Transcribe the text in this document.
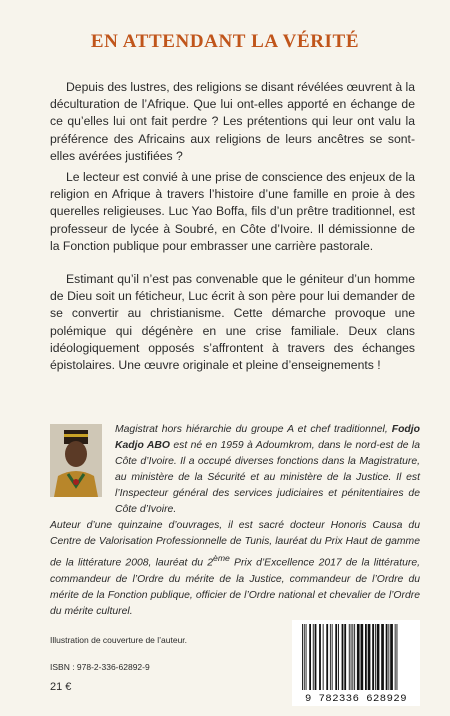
EN ATTENDANT LA VÉRITÉ

Depuis des lustres, des religions se disant révélées œuvrent à la déculturation de l’Afrique. Que lui ont-elles apporté en échange de ce qu’elles lui ont fait perdre ? Les prétentions qui leur ont valu la préférence des Africains aux religions de leurs ancêtres se sont-elles avérées justifiées ?

Le lecteur est convié à une prise de conscience des enjeux de la religion en Afrique à travers l’histoire d’une famille en proie à des querelles religieuses. Luc Yao Boffa, fils d’un prêtre traditionnel, est professeur de lycée à Soubré, en Côte d’Ivoire. Il démissionne de la Fonction publique pour embrasser une carrière pastorale.

Estimant qu’il n’est pas convenable que le géniteur d’un homme de Dieu soit un féticheur, Luc écrit à son père pour lui demander de se convertir au christianisme. Cette démarche provoque une polémique qui dégénère en une crise familiale. Deux clans idéologiquement opposés s’affrontent à travers des échanges épistolaires. Une œuvre originale et pleine d’enseignements !

Magistrat hors hiérarchie du groupe A et chef traditionnel, Fodjo Kadjo ABO est né en 1959 à Adoumkrom, dans le nord-est de la Côte d’Ivoire. Il a occupé diverses fonctions dans la Magistrature, au ministère de la Sécurité et au ministère de la Justice. Il est l’Inspecteur général des services judiciaires et pénitentiaires de Côte d’Ivoire.

Auteur d’une quinzaine d’ouvrages, il est sacré docteur Honoris Causa du Centre de Valorisation Professionnelle de Tunis, lauréat du Prix Haut de gamme de la littérature 2008, lauréat du 2ème Prix d’Excellence 2017 de la littérature, commandeur de l’Ordre du mérite de la Justice, commandeur de l’Ordre du mérite de la Fonction publique, officier de l’Ordre national et chevalier de l’Ordre du mérite culturel.

Illustration de couverture de l’auteur.

ISBN : 978-2-336-62892-9

21 €

9 782336 628929
